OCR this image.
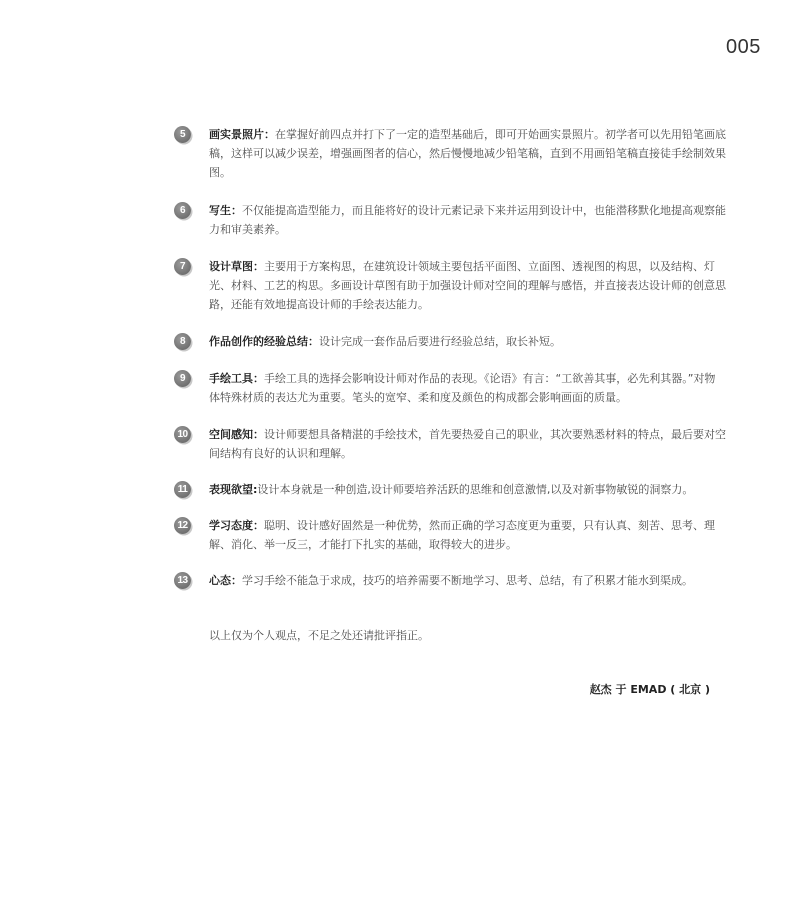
005
5	画实景照片：在掌握好前四点并打下了一定的造型基础后，即可开始画实景照片。初学者可以先用铅笔画底稿，这样可以减少误差，增强画图者的信心，然后慢慢地减少铅笔稿，直到不用画铅笔稿直接徒手绘制效果图。
6	写生：不仅能提高造型能力，而且能将好的设计元素记录下来并运用到设计中，也能潜移默化地提高观察能力和审美素养。
7	设计草图：主要用于方案构思，在建筑设计领域主要包括平面图、立面图、透视图的构思，以及结构、灯光、材料、工艺的构思。多画设计草图有助于加强设计师对空间的理解与感悟，并直接表达设计师的创意思路，还能有效地提高设计师的手绘表达能力。
8	作品创作的经验总结：设计完成一套作品后要进行经验总结，取长补短。
9	手绘工具：手绘工具的选择会影响设计师对作品的表现。《论语》有言：“工欲善其事，必先利其器。”对物体特殊材质的表达尤为重要。笔头的宽窄、柔和度及颜色的构成都会影响画面的质量。
10	空间感知：设计师要想具备精湛的手绘技术，首先要热爱自己的职业，其次要熟悉材料的特点，最后要对空间结构有良好的认识和理解。
11	表现欲望:设计本身就是一种创造,设计师要培养活跃的思维和创意激情,以及对新事物敏锐的洞察力。
12	学习态度：聪明、设计感好固然是一种优势，然而正确的学习态度更为重要，只有认真、刻苦、思考、理解、消化、举一反三，才能打下扎实的基础，取得较大的进步。
13	心态：学习手绘不能急于求成，技巧的培养需要不断地学习、思考、总结，有了积累才能水到渠成。
以上仅为个人观点，不足之处还请批评指正。
赵杰 于 EMAD ( 北京 )
